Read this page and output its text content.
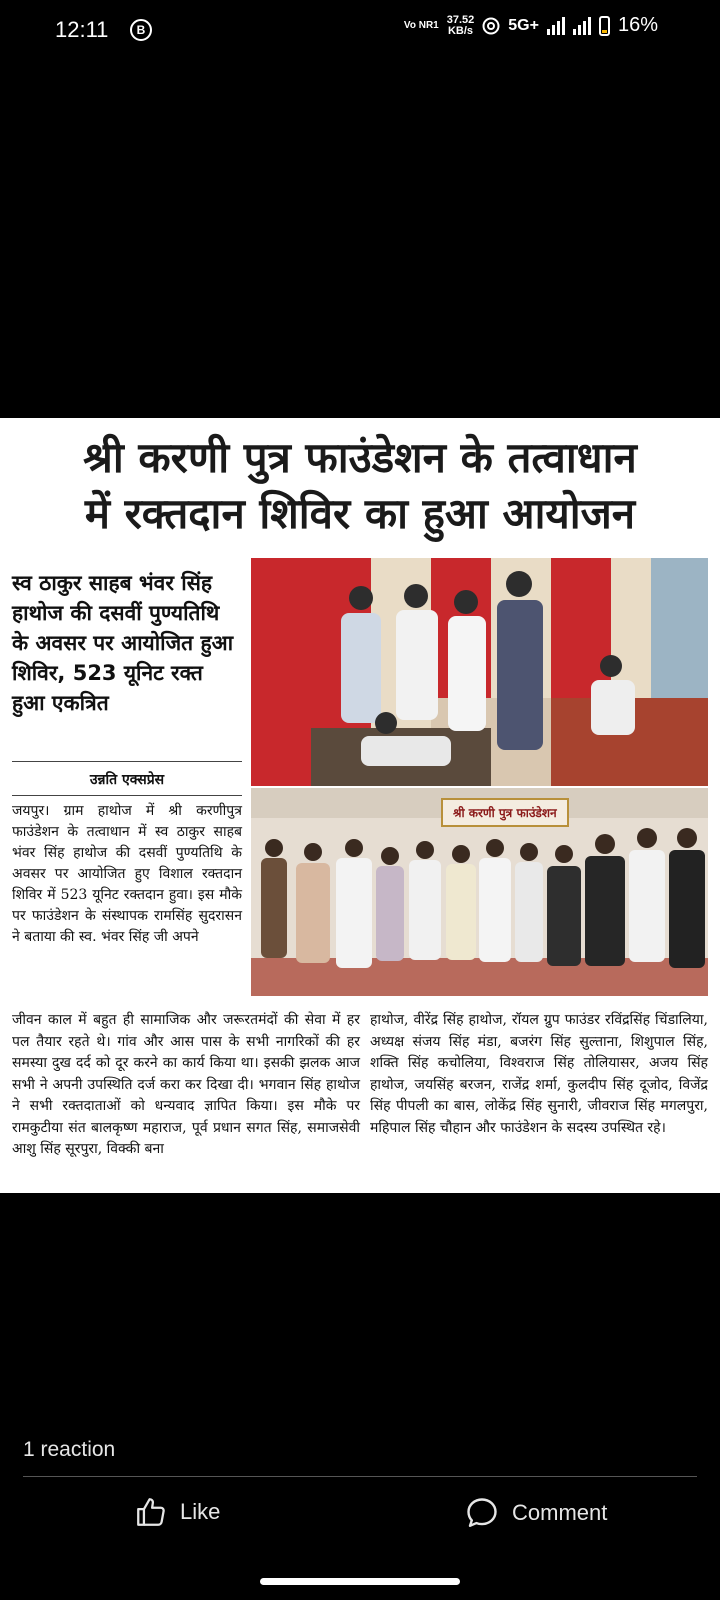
12:11	B	Vo NR1 37.52
KB/s 5G+	16%
श्री करणी पुत्र फाउंडेशन के तत्वाधान
में रक्तदान शिविर का हुआ आयोजन
स्व ठाकुर साहब भंवर सिंह हाथोज की दसवीं पुण्यतिथि के अवसर पर आयोजित हुआ शिविर, 523 यूनिट रक्त हुआ एकत्रित
उन्नति एक्सप्रेस
जयपुर। ग्राम हाथोज में श्री करणीपुत्र फाउंडेशन के तत्वाधान में स्व ठाकुर साहब भंवर सिंह हाथोज की दसवीं पुण्यतिथि के अवसर पर आयोजित हुए विशाल रक्तदान शिविर में 523 यूनिट रक्तदान हुवा। इस मौके पर फाउंडेशन के संस्थापक रामसिंह सुदरासन ने बताया की स्व. भंवर सिंह जी अपने
जीवन काल में बहुत ही सामाजिक और जरूरतमंदों की सेवा में हर पल तैयार रहते थे। गांव और आस पास के सभी नागरिकों की हर समस्या दुख दर्द को दूर करने का कार्य किया था। इसकी झलक आज सभी ने अपनी उपस्थिति दर्ज करा कर दिखा दी। भगवान सिंह हाथोज ने सभी रक्तदाताओं को धन्यवाद ज्ञापित किया। इस मौके पर रामकुटीया संत बालकृष्ण महाराज, पूर्व प्रधान सगत सिंह, समाजसेवी आशु सिंह सूरपुरा, विक्की बना
हाथोज, वीरेंद्र सिंह हाथोज, रॉयल ग्रुप फाउंडर रविंद्रसिंह चिंडालिया, अध्यक्ष संजय सिंह मंडा, बजरंग सिंह सुल्ताना, शिशुपाल सिंह, शक्ति सिंह कचोलिया, विश्वराज सिंह तोलियासर, अजय सिंह हाथोज, जयसिंह बरजन, राजेंद्र शर्मा, कुलदीप सिंह दूजोद, विजेंद्र सिंह पीपली का बास, लोकेंद्र सिंह सुनारी, जीवराज सिंह मगलपुरा, महिपाल सिंह चौहान और फाउंडेशन के सदस्य उपस्थित रहे।
श्री करणी पुत्र फाउंडेशन
1 reaction
Like	Comment
